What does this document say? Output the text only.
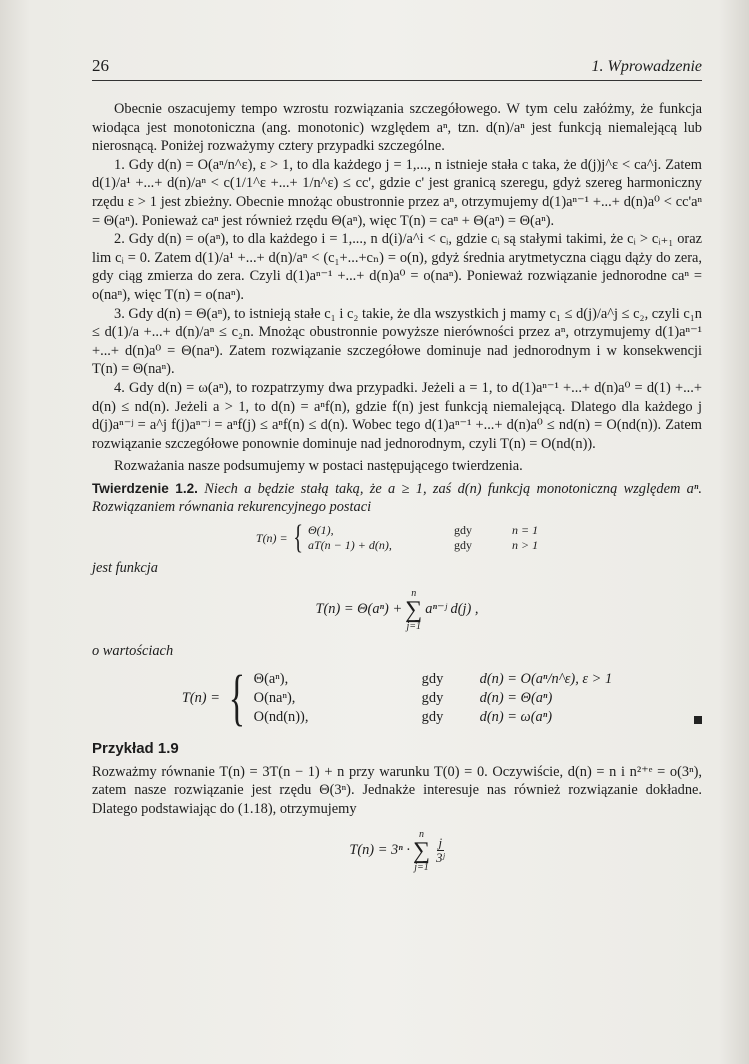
26	1. Wprowadzenie

Obecnie oszacujemy tempo wzrostu rozwiązania szczegółowego. W tym celu załóżmy, że funkcja wiodąca jest monotoniczna (ang. monotonic) względem aⁿ, tzn. d(n)/aⁿ jest funkcją niemalejącą lub nierosnącą. Poniżej rozważymy cztery przypadki szczególne.

1. Gdy d(n) = O(aⁿ/n^ε), ε > 1, to dla każdego j = 1,..., n istnieje stała c taka, że d(j)j^ε < ca^j. Zatem d(1)/a¹ +...+ d(n)/aⁿ < c(1/1^ε +...+ 1/n^ε) ≤ cc', gdzie c' jest granicą szeregu, gdyż szereg harmoniczny rzędu ε > 1 jest zbieżny. Obecnie mnożąc obustronnie przez aⁿ, otrzymujemy d(1)aⁿ⁻¹ +...+ d(n)a⁰ < cc'aⁿ = Θ(aⁿ). Ponieważ caⁿ jest również rzędu Θ(aⁿ), więc T(n) = caⁿ + Θ(aⁿ) = Θ(aⁿ).

2. Gdy d(n) = o(aⁿ), to dla każdego i = 1,..., n d(i)/a^i < cᵢ, gdzie cᵢ są stałymi takimi, że cᵢ > cᵢ₊₁ oraz lim cᵢ = 0. Zatem d(1)/a¹ +...+ d(n)/aⁿ < (c₁+...+cₙ) = o(n), gdyż średnia arytmetyczna ciągu dąży do zera, gdy ciąg zmierza do zera. Czyli d(1)aⁿ⁻¹ +...+ d(n)a⁰ = o(naⁿ). Ponieważ rozwiązanie jednorodne caⁿ = o(naⁿ), więc T(n) = o(naⁿ).

3. Gdy d(n) = Θ(aⁿ), to istnieją stałe c₁ i c₂ takie, że dla wszystkich j mamy c₁ ≤ d(j)/a^j ≤ c₂, czyli c₁n ≤ d(1)/a +...+ d(n)/aⁿ ≤ c₂n. Mnożąc obustronnie powyższe nierówności przez aⁿ, otrzymujemy d(1)aⁿ⁻¹ +...+ d(n)a⁰ = Θ(naⁿ). Zatem rozwiązanie szczegółowe dominuje nad jednorodnym i w konsekwencji T(n) = Θ(naⁿ).

4. Gdy d(n) = ω(aⁿ), to rozpatrzymy dwa przypadki. Jeżeli a = 1, to d(1)aⁿ⁻¹ +...+ d(n)a⁰ = d(1) +...+ d(n) ≤ nd(n). Jeżeli a > 1, to d(n) = aⁿf(n), gdzie f(n) jest funkcją niemalejącą. Dlatego dla każdego j d(j)aⁿ⁻ʲ = a^j f(j)aⁿ⁻ʲ = aⁿf(j) ≤ aⁿf(n) ≤ d(n). Wobec tego d(1)aⁿ⁻¹ +...+ d(n)a⁰ ≤ nd(n) = O(nd(n)). Zatem rozwiązanie szczegółowe ponownie dominuje nad jednorodnym, czyli T(n) = O(nd(n)).

Rozważania nasze podsumujemy w postaci następującego twierdzenia.

Twierdzenie 1.2. Niech a będzie stałą taką, że a ≥ 1, zaś d(n) funkcją monotoniczną względem aⁿ. Rozwiązaniem równania rekurencyjnego postaci

T(n) = { Θ(1),	gdy	n = 1
aT(n − 1) + d(n),	gdy	n > 1

jest funkcja

T(n) = Θ(aⁿ) +
n
∑
j=1
aⁿ⁻ʲ d(j) ,

o wartościach

T(n) = { Θ(aⁿ),	gdy	d(n) = O(aⁿ/n^ε), ε > 1
O(naⁿ),	gdy	d(n) = Θ(aⁿ)
O(nd(n)),	gdy	d(n) = ω(aⁿ)

Przykład 1.9

Rozważmy równanie T(n) = 3T(n − 1) + n przy warunku T(0) = 0. Oczywiście, d(n) = n i n²⁺ᵉ = o(3ⁿ), zatem nasze rozwiązanie jest rzędu Θ(3ⁿ). Jednakże interesuje nas również rozwiązanie dokładne. Dlatego podstawiając do (1.18), otrzymujemy

T(n) = 3ⁿ ·
n
∑
j=1
$\frac{j}{\text{3ʲ}}$
